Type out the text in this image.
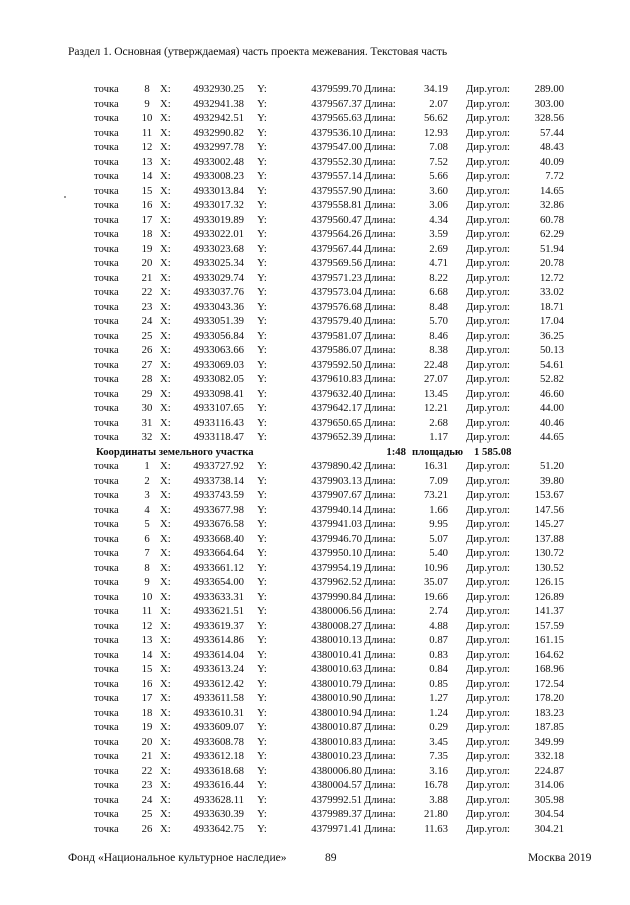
Раздел 1. Основная (утверждаемая) часть проекта межевания. Текстовая часть
точка	8	X:	4932930.25	Y:	4379599.70	Длина:	34.19		Дир.угол:	289.00
точка	9	X:	4932941.38	Y:	4379567.37	Длина:	2.07		Дир.угол:	303.00
точка	10	X:	4932942.51	Y:	4379565.63	Длина:	56.62		Дир.угол:	328.56
точка	11	X:	4932990.82	Y:	4379536.10	Длина:	12.93		Дир.угол:	57.44
точка	12	X:	4932997.78	Y:	4379547.00	Длина:	7.08		Дир.угол:	48.43
точка	13	X:	4933002.48	Y:	4379552.30	Длина:	7.52		Дир.угол:	40.09
точка	14	X:	4933008.23	Y:	4379557.14	Длина:	5.66		Дир.угол:	7.72
точка	15	X:	4933013.84	Y:	4379557.90	Длина:	3.60		Дир.угол:	14.65
точка	16	X:	4933017.32	Y:	4379558.81	Длина:	3.06		Дир.угол:	32.86
точка	17	X:	4933019.89	Y:	4379560.47	Длина:	4.34		Дир.угол:	60.78
точка	18	X:	4933022.01	Y:	4379564.26	Длина:	3.59		Дир.угол:	62.29
точка	19	X:	4933023.68	Y:	4379567.44	Длина:	2.69		Дир.угол:	51.94
точка	20	X:	4933025.34	Y:	4379569.56	Длина:	4.71		Дир.угол:	20.78
точка	21	X:	4933029.74	Y:	4379571.23	Длина:	8.22		Дир.угол:	12.72
точка	22	X:	4933037.76	Y:	4379573.04	Длина:	6.68		Дир.угол:	33.02
точка	23	X:	4933043.36	Y:	4379576.68	Длина:	8.48		Дир.угол:	18.71
точка	24	X:	4933051.39	Y:	4379579.40	Длина:	5.70		Дир.угол:	17.04
точка	25	X:	4933056.84	Y:	4379581.07	Длина:	8.46		Дир.угол:	36.25
точка	26	X:	4933063.66	Y:	4379586.07	Длина:	8.38		Дир.угол:	50.13
точка	27	X:	4933069.03	Y:	4379592.50	Длина:	22.48		Дир.угол:	54.61
точка	28	X:	4933082.05	Y:	4379610.83	Длина:	27.07		Дир.угол:	52.82
точка	29	X:	4933098.41	Y:	4379632.40	Длина:	13.45		Дир.угол:	46.60
точка	30	X:	4933107.65	Y:	4379642.17	Длина:	12.21		Дир.угол:	44.00
точка	31	X:	4933116.43	Y:	4379650.65	Длина:	2.68		Дир.угол:	40.46
точка	32	X:	4933118.47	Y:	4379652.39	Длина:	1.17		Дир.угол:	44.65
Координаты земельного участка						1:48	площадью		1 585.08	
точка	1	X:	4933727.92	Y:	4379890.42	Длина:	16.31		Дир.угол:	51.20
точка	2	X:	4933738.14	Y:	4379903.13	Длина:	7.09		Дир.угол:	39.80
точка	3	X:	4933743.59	Y:	4379907.67	Длина:	73.21		Дир.угол:	153.67
точка	4	X:	4933677.98	Y:	4379940.14	Длина:	1.66		Дир.угол:	147.56
точка	5	X:	4933676.58	Y:	4379941.03	Длина:	9.95		Дир.угол:	145.27
точка	6	X:	4933668.40	Y:	4379946.70	Длина:	5.07		Дир.угол:	137.88
точка	7	X:	4933664.64	Y:	4379950.10	Длина:	5.40		Дир.угол:	130.72
точка	8	X:	4933661.12	Y:	4379954.19	Длина:	10.96		Дир.угол:	130.52
точка	9	X:	4933654.00	Y:	4379962.52	Длина:	35.07		Дир.угол:	126.15
точка	10	X:	4933633.31	Y:	4379990.84	Длина:	19.66		Дир.угол:	126.89
точка	11	X:	4933621.51	Y:	4380006.56	Длина:	2.74		Дир.угол:	141.37
точка	12	X:	4933619.37	Y:	4380008.27	Длина:	4.88		Дир.угол:	157.59
точка	13	X:	4933614.86	Y:	4380010.13	Длина:	0.87		Дир.угол:	161.15
точка	14	X:	4933614.04	Y:	4380010.41	Длина:	0.83		Дир.угол:	164.62
точка	15	X:	4933613.24	Y:	4380010.63	Длина:	0.84		Дир.угол:	168.96
точка	16	X:	4933612.42	Y:	4380010.79	Длина:	0.85		Дир.угол:	172.54
точка	17	X:	4933611.58	Y:	4380010.90	Длина:	1.27		Дир.угол:	178.20
точка	18	X:	4933610.31	Y:	4380010.94	Длина:	1.24		Дир.угол:	183.23
точка	19	X:	4933609.07	Y:	4380010.87	Длина:	0.29		Дир.угол:	187.85
точка	20	X:	4933608.78	Y:	4380010.83	Длина:	3.45		Дир.угол:	349.99
точка	21	X:	4933612.18	Y:	4380010.23	Длина:	7.35		Дир.угол:	332.18
точка	22	X:	4933618.68	Y:	4380006.80	Длина:	3.16		Дир.угол:	224.87
точка	23	X:	4933616.44	Y:	4380004.57	Длина:	16.78		Дир.угол:	314.06
точка	24	X:	4933628.11	Y:	4379992.51	Длина:	3.88		Дир.угол:	305.98
точка	25	X:	4933630.39	Y:	4379989.37	Длина:	21.80		Дир.угол:	304.54
точка	26	X:	4933642.75	Y:	4379971.41	Длина:	11.63		Дир.угол:	304.21
Фонд «Национальное культурное наследие»	89	Москва 2019
